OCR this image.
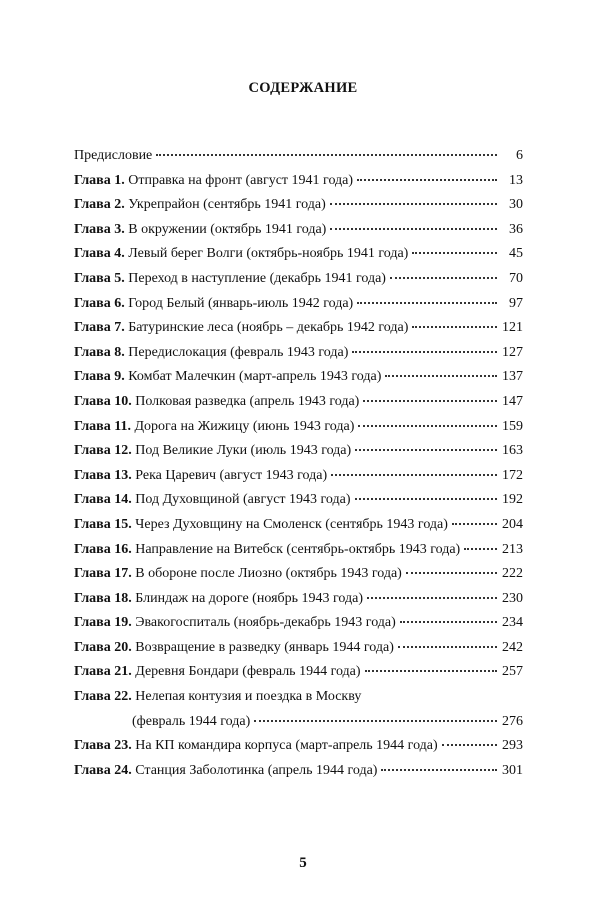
СОДЕРЖАНИЕ
Предисловие	6
Глава 1. Отправка на фронт (август 1941 года)	13
Глава 2. Укрепрайон (сентябрь 1941 года)	30
Глава 3. В окружении (октябрь 1941 года)	36
Глава 4. Левый берег Волги (октябрь-ноябрь 1941 года)	45
Глава 5. Переход в наступление (декабрь 1941 года)	70
Глава 6. Город Белый (январь-июль 1942 года)	97
Глава 7. Батуринские леса (ноябрь – декабрь 1942 года)	121
Глава 8. Передислокация (февраль 1943 года)	127
Глава 9. Комбат Малечкин (март-апрель 1943 года)	137
Глава 10. Полковая разведка (апрель 1943 года)	147
Глава 11. Дорога на Жижицу (июнь 1943 года)	159
Глава 12. Под Великие Луки (июль 1943 года)	163
Глава 13. Река Царевич (август 1943 года)	172
Глава 14. Под Духовщиной (август 1943 года)	192
Глава 15. Через Духовщину на Смоленск (сентябрь 1943 года)	204
Глава 16. Направление на Витебск (сентябрь-октябрь 1943 года)	213
Глава 17. В обороне после Лиозно (октябрь 1943 года)	222
Глава 18. Блиндаж на дороге (ноябрь 1943 года)	230
Глава 19. Эвакогоспиталь (ноябрь-декабрь 1943 года)	234
Глава 20. Возвращение в разведку (январь 1944 года)	242
Глава 21. Деревня Бондари (февраль 1944 года)	257
Глава 22. Нелепая контузия и поездка в Москву
(февраль 1944 года)	276
Глава 23. На КП командира корпуса (март-апрель 1944 года)	293
Глава 24. Станция Заболотинка (апрель 1944 года)	301
5
